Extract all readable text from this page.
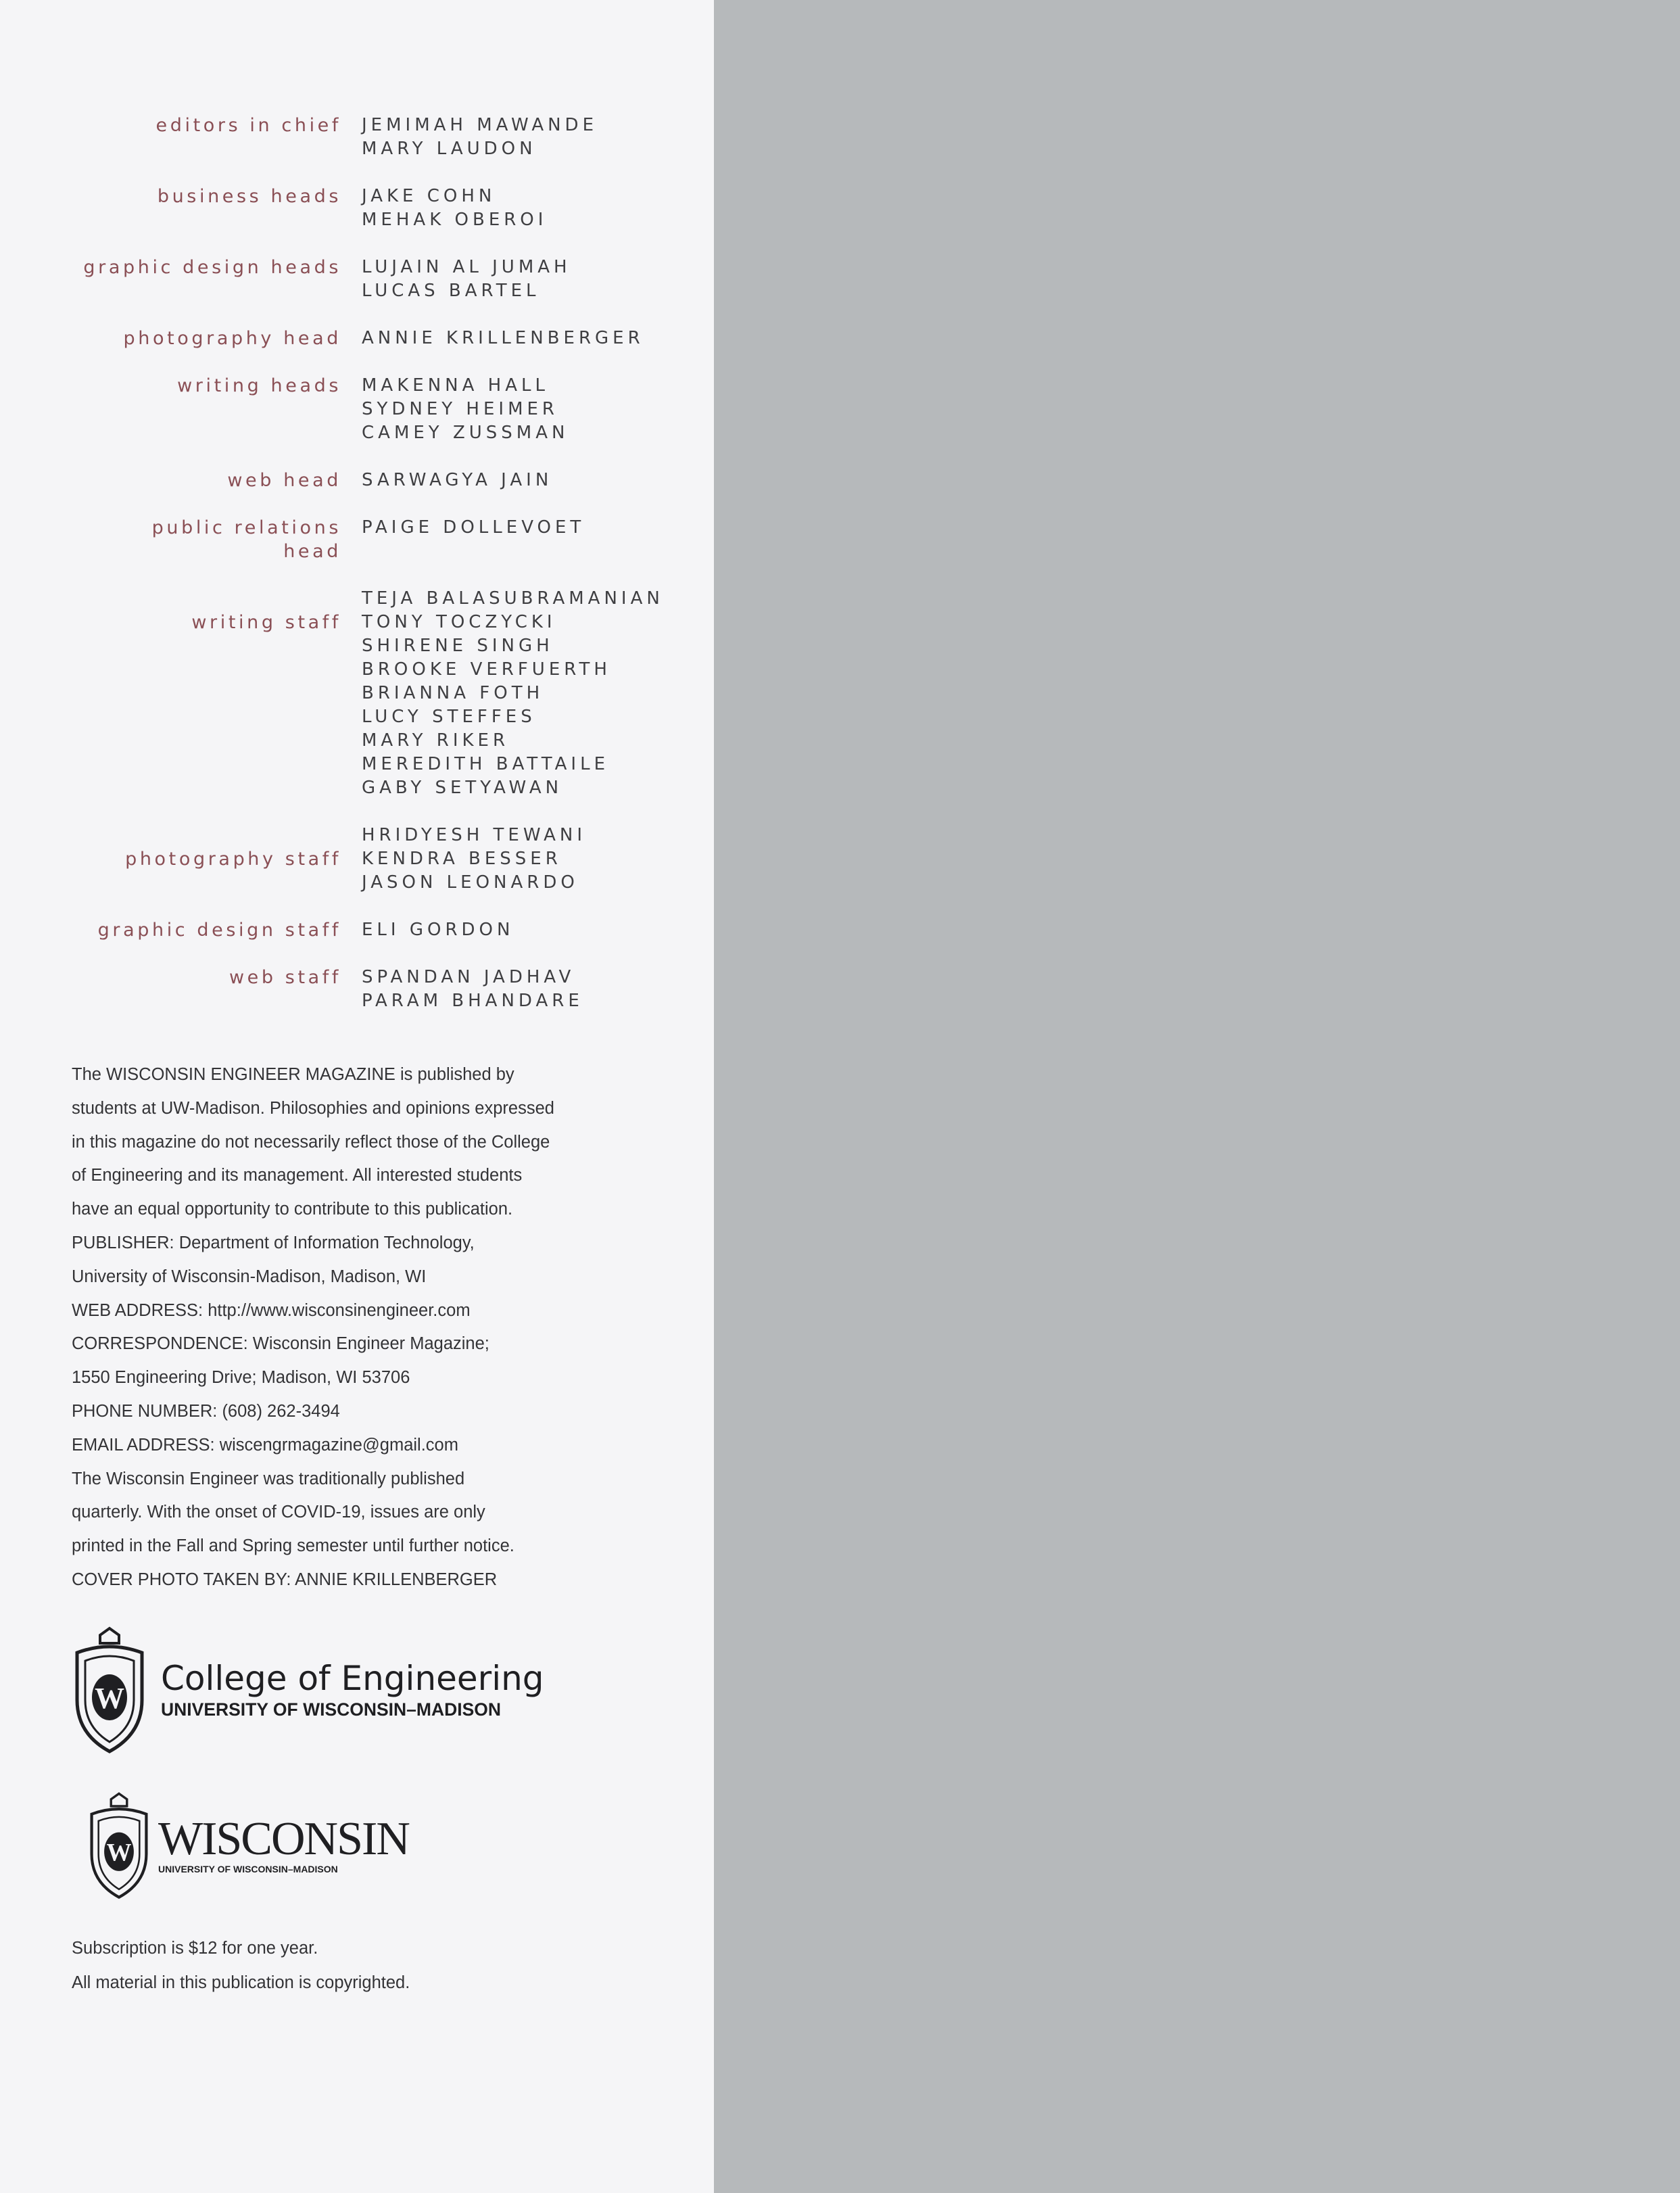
editors in chief JEMIMAH MAWANDE
MARY LAUDON
business heads JAKE COHN
MEHAK OBEROI
graphic design heads LUJAIN AL JUMAH
LUCAS BARTEL
photography head ANNIE KRILLENBERGER
writing heads MAKENNA HALL
SYDNEY HEIMER
CAMEY ZUSSMAN
web head SARWAGYA JAIN
public relations
head
PAIGE DOLLEVOET
writing staff
TEJA BALASUBRAMANIAN
TONY TOCZYCKI
SHIRENE SINGH
BROOKE VERFUERTH
BRIANNA FOTH
LUCY STEFFES
MARY RIKER
MEREDITH BATTAILE
GABY SETYAWAN
photography staff
HRIDYESH TEWANI
KENDRA BESSER
JASON LEONARDO
graphic design staff ELI GORDON
web staff SPANDAN JADHAV
PARAM BHANDARE
The WISCONSIN ENGINEER MAGAZINE is published by
students at UW-Madison. Philosophies and opinions expressed
in this magazine do not necessarily reflect those of the College
of Engineering and its management. All interested students
have an equal opportunity to contribute to this publication.
PUBLISHER: Department of Information Technology,
University of Wisconsin-Madison, Madison, WI
WEB ADDRESS: http://www.wisconsinengineer.com
CORRESPONDENCE: Wisconsin Engineer Magazine;
1550 Engineering Drive; Madison, WI 53706
PHONE NUMBER: (608) 262-3494
EMAIL ADDRESS: wiscengrmagazine@gmail.com
The Wisconsin Engineer was traditionally published
quarterly. With the onset of COVID-19, issues are only
printed in the Fall and Spring semester until further notice.
COVER PHOTO TAKEN BY: ANNIE KRILLENBERGER
W
College of Engineering
UNIVERSITY OF WISCONSIN–MADISON
W WISCONSIN
UNIVERSITY OF WISCONSIN–MADISON
Subscription is $12 for one year.
All material in this publication is copyrighted.
